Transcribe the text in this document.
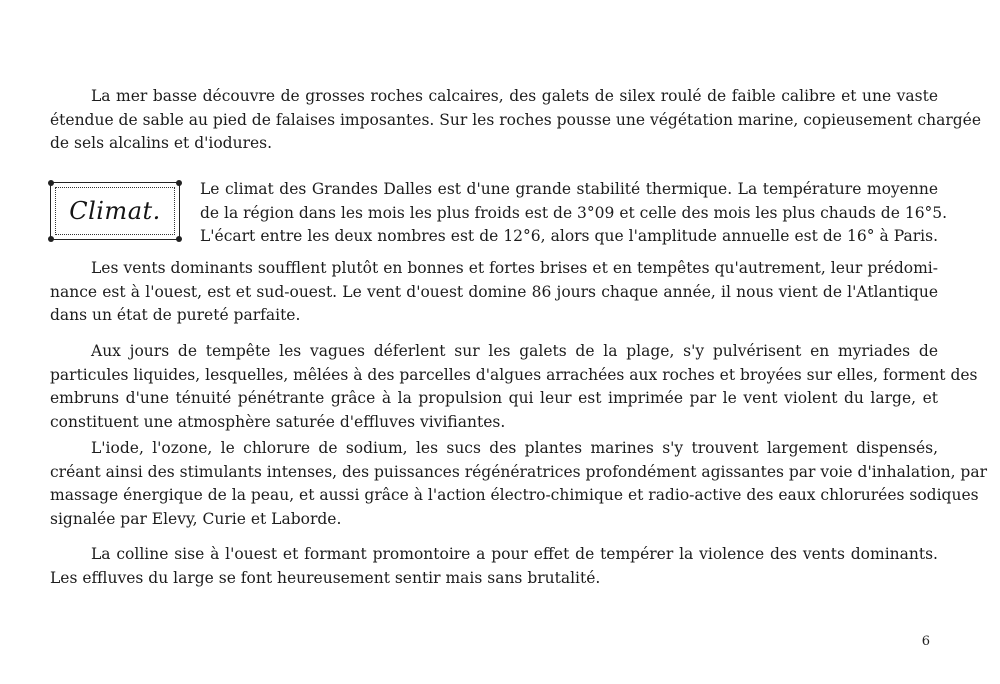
La mer basse découvre de grosses roches calcaires, des galets de silex roulé de faible calibre et une vaste
étendue de sable au pied de falaises imposantes. Sur les roches pousse une végétation marine, copieusement chargée
de sels alcalins et d'iodures.
Climat.
Le climat des Grandes Dalles est d'une grande stabilité thermique. La température moyenne
de la région dans les mois les plus froids est de 3°09 et celle des mois les plus chauds de 16°5.
L'écart entre les deux nombres est de 12°6, alors que l'amplitude annuelle est de 16° à Paris.
Les vents dominants soufflent plutôt en bonnes et fortes brises et en tempêtes qu'autrement, leur prédomi-
nance est à l'ouest, est et sud-ouest. Le vent d'ouest domine 86 jours chaque année, il nous vient de l'Atlantique
dans un état de pureté parfaite.
Aux jours de tempête les vagues déferlent sur les galets de la plage, s'y pulvérisent en myriades de
particules liquides, lesquelles, mêlées à des parcelles d'algues arrachées aux roches et broyées sur elles, forment des
embruns d'une ténuité pénétrante grâce à la propulsion qui leur est imprimée par le vent violent du large, et
constituent une atmosphère saturée d'effluves vivifiantes.
L'iode, l'ozone, le chlorure de sodium, les sucs des plantes marines s'y trouvent largement dispensés,
créant ainsi des stimulants intenses, des puissances régénératrices profondément agissantes par voie d'inhalation, par
massage énergique de la peau, et aussi grâce à l'action électro-chimique et radio-active des eaux chlorurées sodiques
signalée par Elevy, Curie et Laborde.
La colline sise à l'ouest et formant promontoire a pour effet de tempérer la violence des vents dominants.
Les effluves du large se font heureusement sentir mais sans brutalité.
6
